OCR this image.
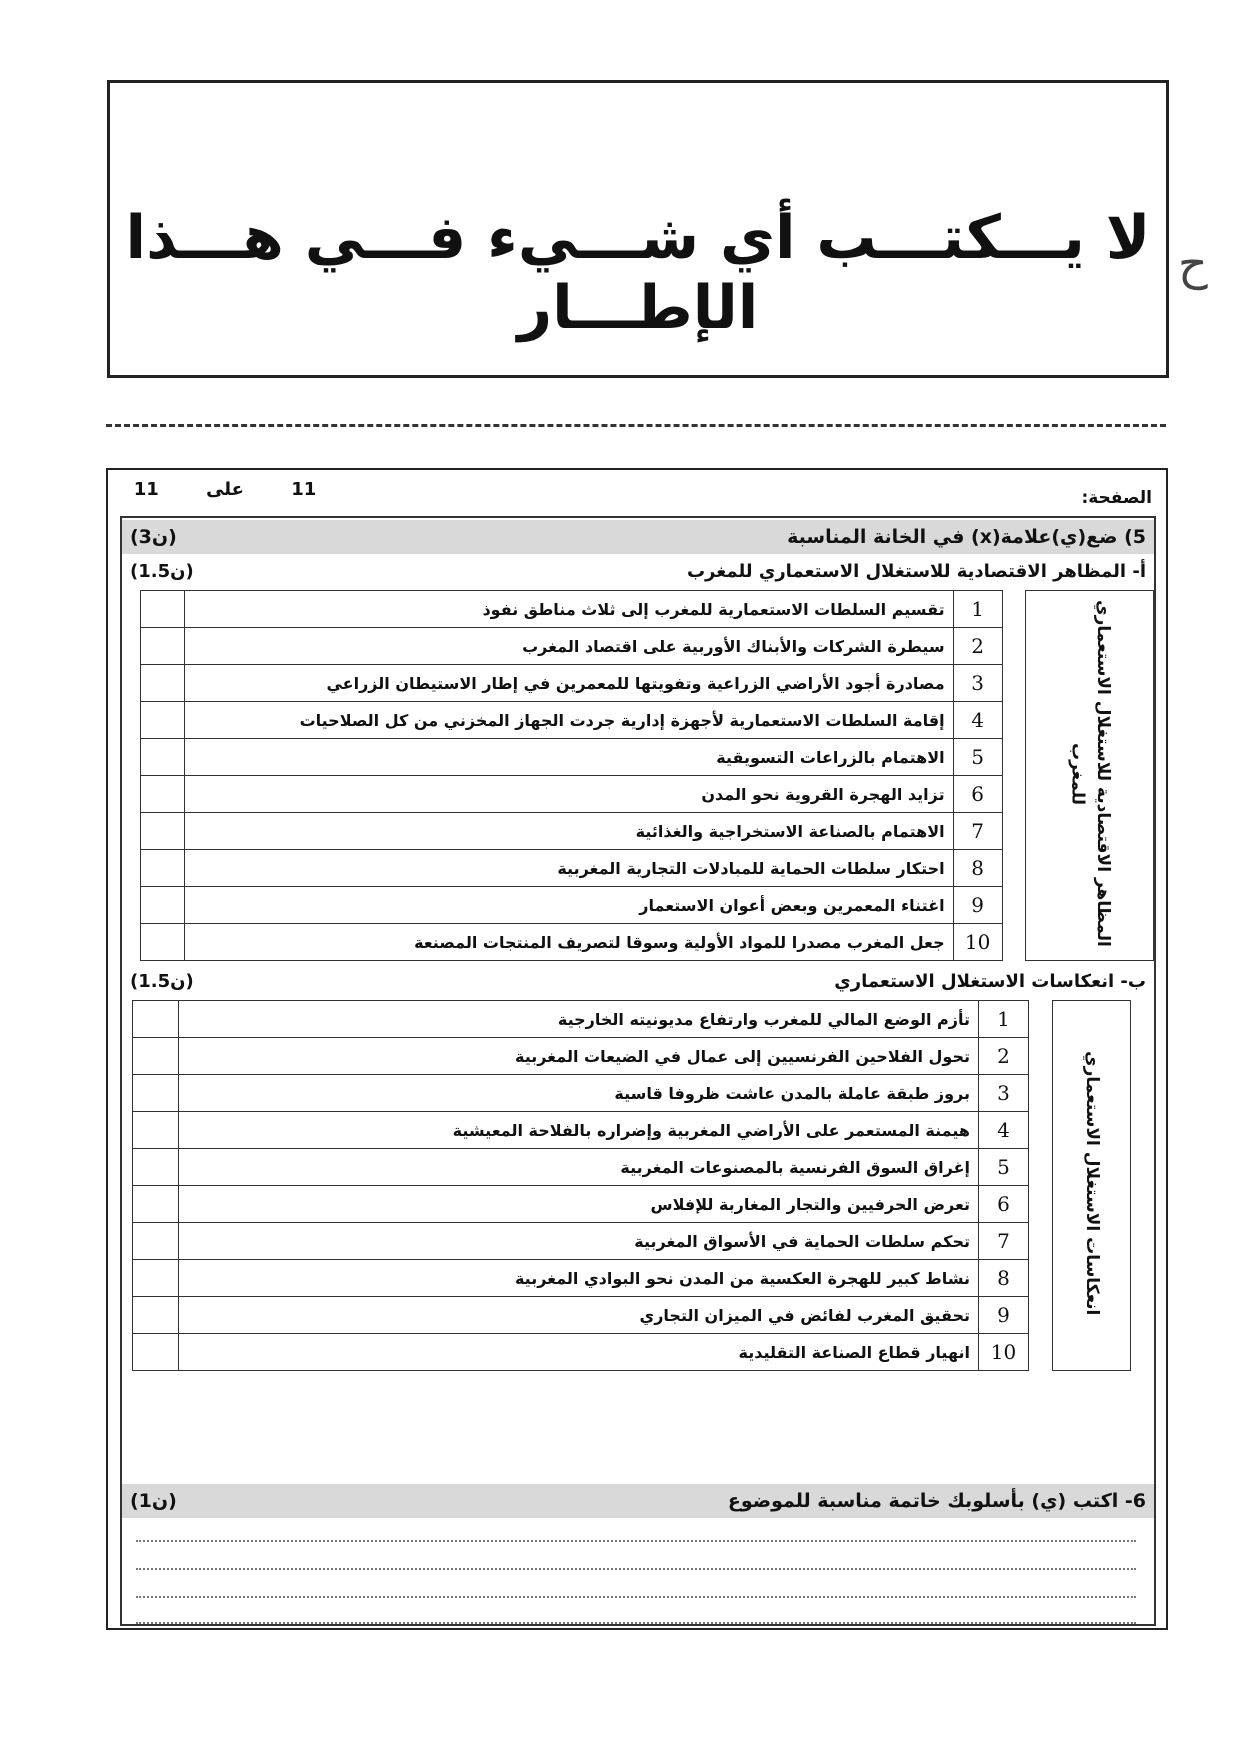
لا يـــكتـــب أي شـــيء فـــي هـــذا الإطـــار
ح
11
على
11	الصفحة:
(3ن)	5) ضع(ي)علامة(x) في الخانة المناسبة
(1.5ن)	أ- المظاهر الاقتصادية للاستغلال الاستعماري للمغرب
المظاهر الاقتصادية للاستغلال الاستعماري للمغرب		1	تقسيم السلطات الاستعمارية للمغرب إلى ثلاث مناطق نفوذ	
		2	سيطرة الشركات والأبناك الأوربية على اقتصاد المغرب	
		3	مصادرة أجود الأراضي الزراعية وتفويتها للمعمرين في إطار الاستيطان الزراعي	
		4	إقامة السلطات الاستعمارية لأجهزة إدارية جردت الجهاز المخزني من كل الصلاحيات	
		5	الاهتمام بالزراعات التسويقية	
		6	تزايد الهجرة القروية نحو المدن	
		7	الاهتمام بالصناعة الاستخراجية والغذائية	
		8	احتكار سلطات الحماية للمبادلات التجارية المغربية	
		9	اغتناء المعمرين وبعض أعوان الاستعمار	
		10	جعل المغرب مصدرا للمواد الأولية وسوقا لتصريف المنتجات المصنعة	
(1.5ن)	ب- انعكاسات الاستغلال الاستعماري
انعكاسات الاستغلال الاستعماري		1	تأزم الوضع المالي للمغرب وارتفاع مديونيته الخارجية	
		2	تحول الفلاحين الفرنسيين إلى عمال في الضيعات المغربية	
		3	بروز طبقة عاملة بالمدن عاشت ظروفا قاسية	
		4	هيمنة المستعمر على الأراضي المغربية وإضراره بالفلاحة المعيشية	
		5	إغراق السوق الفرنسية بالمصنوعات المغربية	
		6	تعرض الحرفيين والتجار المغاربة للإفلاس	
		7	تحكم سلطات الحماية في الأسواق المغربية	
		8	نشاط كبير للهجرة العكسية من المدن نحو البوادي المغربية	
		9	تحقيق المغرب لفائض في الميزان التجاري	
		10	انهيار قطاع الصناعة التقليدية	
(1ن)	6- اكتب (ي) بأسلوبك خاتمة مناسبة للموضوع
